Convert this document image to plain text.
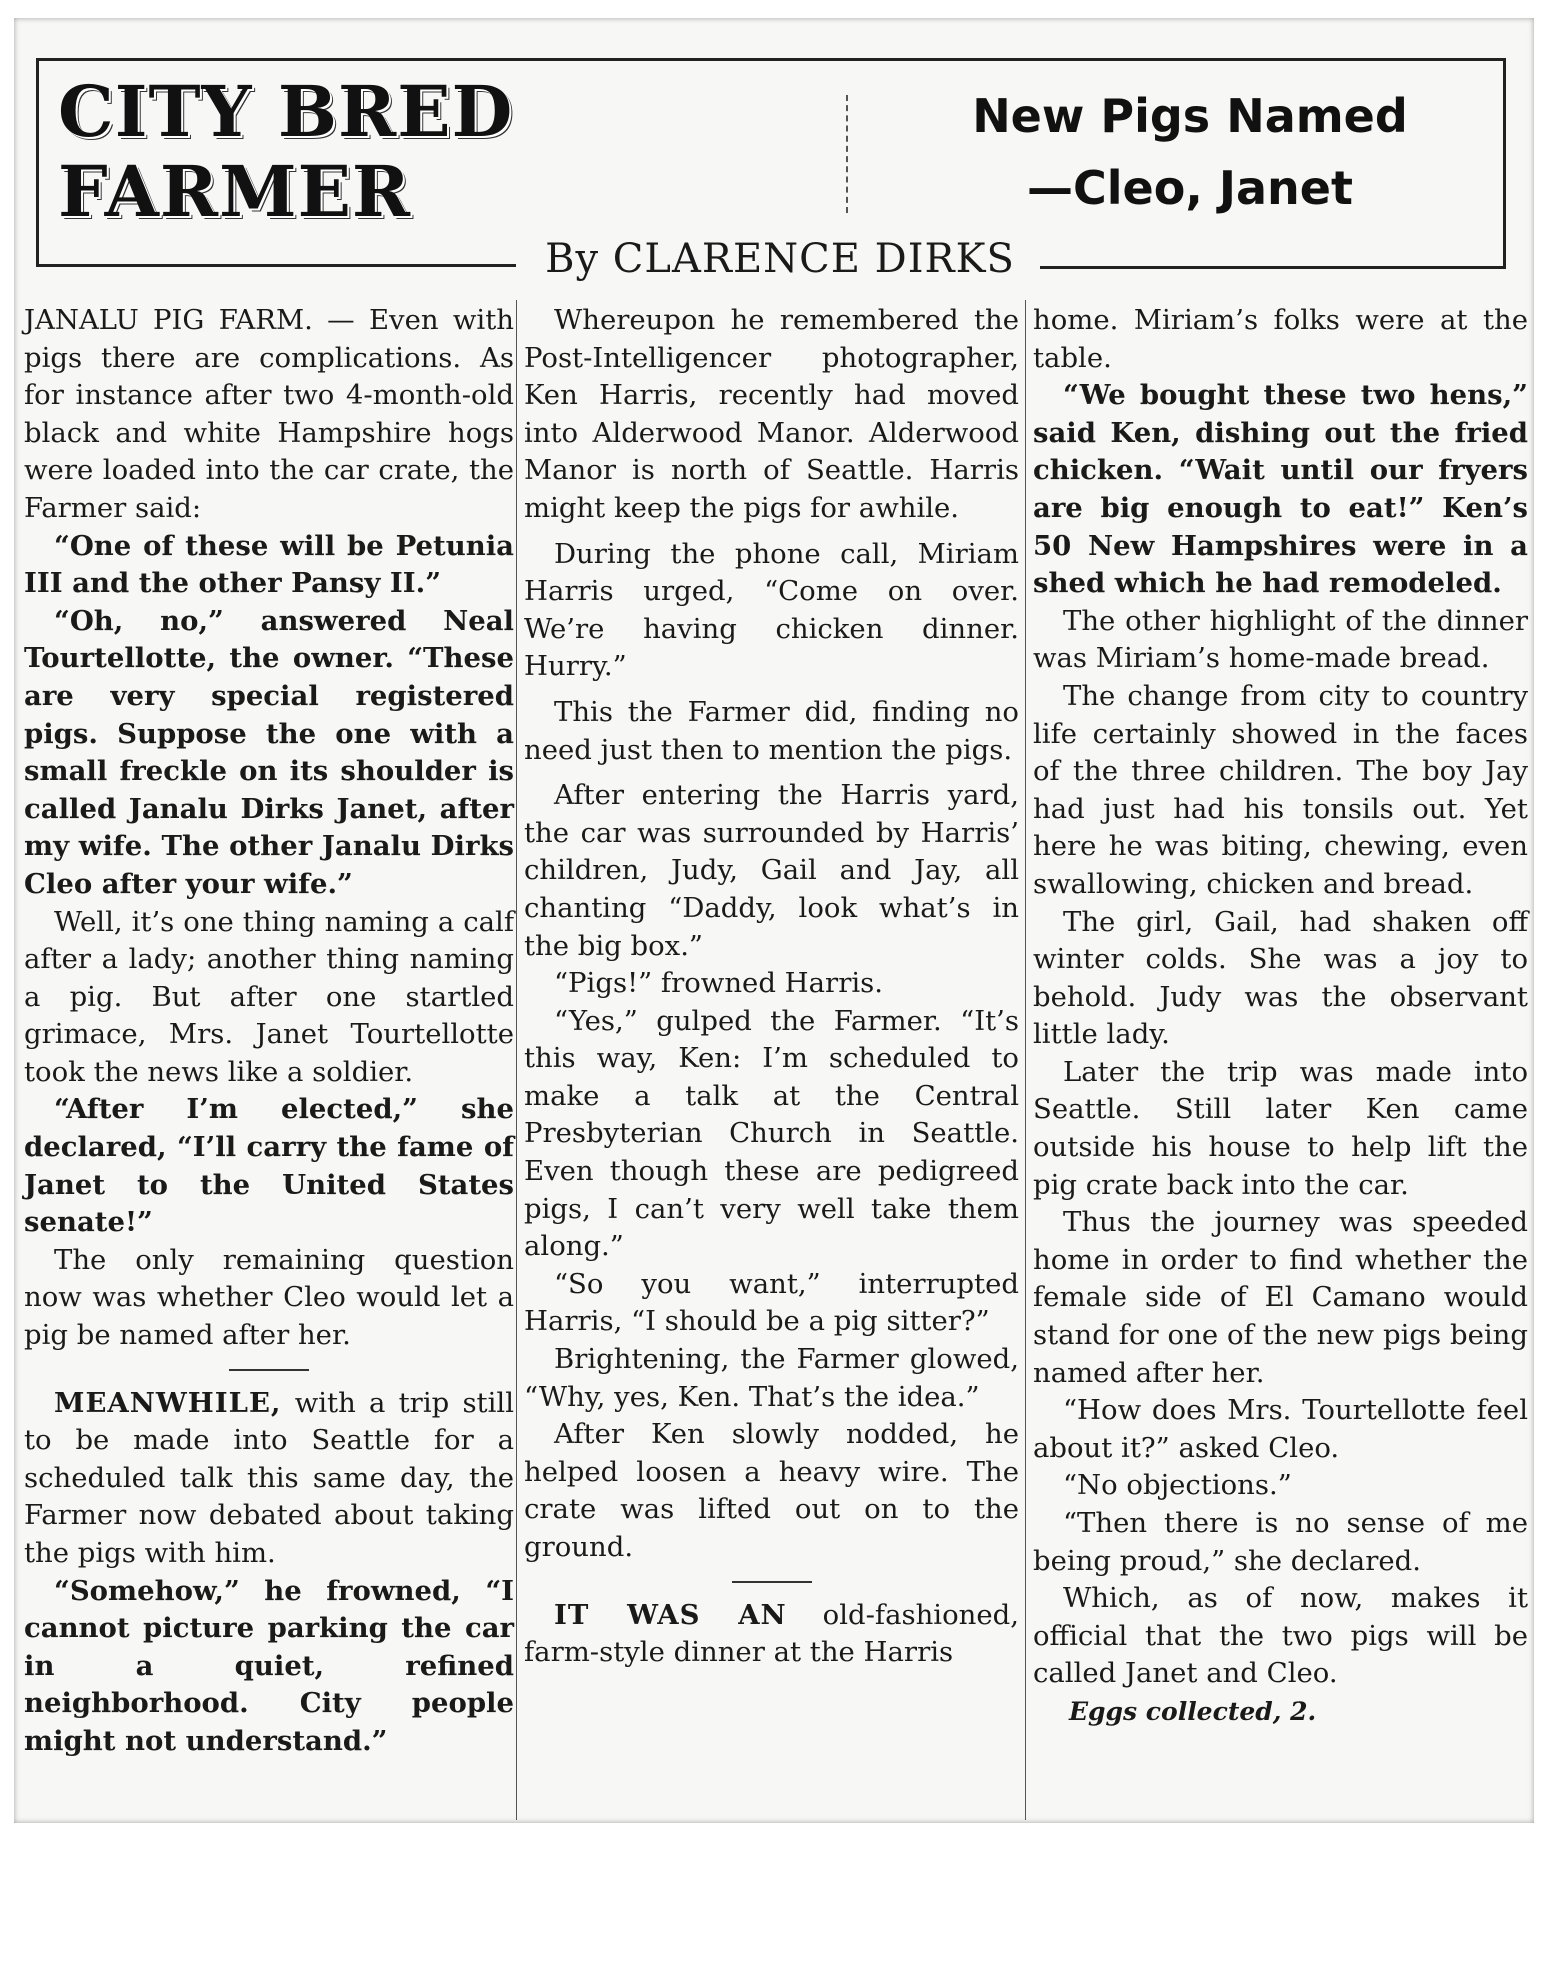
CITY BRED
FARMER
New Pigs Named
—Cleo, Janet
By CLARENCE DIRKS

JANALU PIG FARM. — Even with pigs there are complications. As for instance after two 4-month-old black and white Hampshire hogs were loaded into the car crate, the Farmer said:

“One of these will be Petunia III and the other Pansy II.”

“Oh, no,” answered Neal Tourtellotte, the owner. “These are very special registered pigs. Suppose the one with a small freckle on its shoulder is called Janalu Dirks Janet, after my wife. The other Janalu Dirks Cleo after your wife.”

Well, it’s one thing naming a calf after a lady; another thing naming a pig. But after one startled grimace, Mrs. Janet Tourtellotte took the news like a soldier.

“After I’m elected,” she declared, “I’ll carry the fame of Janet to the United States senate!”

The only remaining question now was whether Cleo would let a pig be named after her.

MEANWHILE, with a trip still to be made into Seattle for a scheduled talk this same day, the Farmer now debated about taking the pigs with him.

“Somehow,” he frowned, “I cannot picture parking the car in a quiet, refined neighborhood. City people might not understand.”

Whereupon he remembered the Post-Intelligencer photographer, Ken Harris, recently had moved into Alderwood Manor. Alderwood Manor is north of Seattle. Harris might keep the pigs for awhile.

During the phone call, Miriam Harris urged, “Come on over. We’re having chicken dinner. Hurry.”

This the Farmer did, finding no need just then to mention the pigs.

After entering the Harris yard, the car was surrounded by Harris’ children, Judy, Gail and Jay, all chanting “Daddy, look what’s in the big box.”

“Pigs!” frowned Harris.

“Yes,” gulped the Farmer. “It’s this way, Ken: I’m scheduled to make a talk at the Central Presbyterian Church in Seattle. Even though these are pedigreed pigs, I can’t very well take them along.”

“So you want,” interrupted Harris, “I should be a pig sitter?”

Brightening, the Farmer glowed, “Why, yes, Ken. That’s the idea.”

After Ken slowly nodded, he helped loosen a heavy wire. The crate was lifted out on to the ground.

IT WAS AN old-fashioned, farm-style dinner at the Harris

home. Miriam’s folks were at the table.

“We bought these two hens,” said Ken, dishing out the fried chicken. “Wait until our fryers are big enough to eat!” Ken’s 50 New Hampshires were in a shed which he had remodeled.

The other highlight of the dinner was Miriam’s home-made bread.

The change from city to country life certainly showed in the faces of the three children. The boy Jay had just had his tonsils out. Yet here he was biting, chewing, even swallowing, chicken and bread.

The girl, Gail, had shaken off winter colds. She was a joy to behold. Judy was the observant little lady.

Later the trip was made into Seattle. Still later Ken came outside his house to help lift the pig crate back into the car.

Thus the journey was speeded home in order to find whether the female side of El Camano would stand for one of the new pigs being named after her.

“How does Mrs. Tourtellotte feel about it?” asked Cleo.

“No objections.”

“Then there is no sense of me being proud,” she declared.

Which, as of now, makes it official that the two pigs will be called Janet and Cleo.

Eggs collected, 2.
